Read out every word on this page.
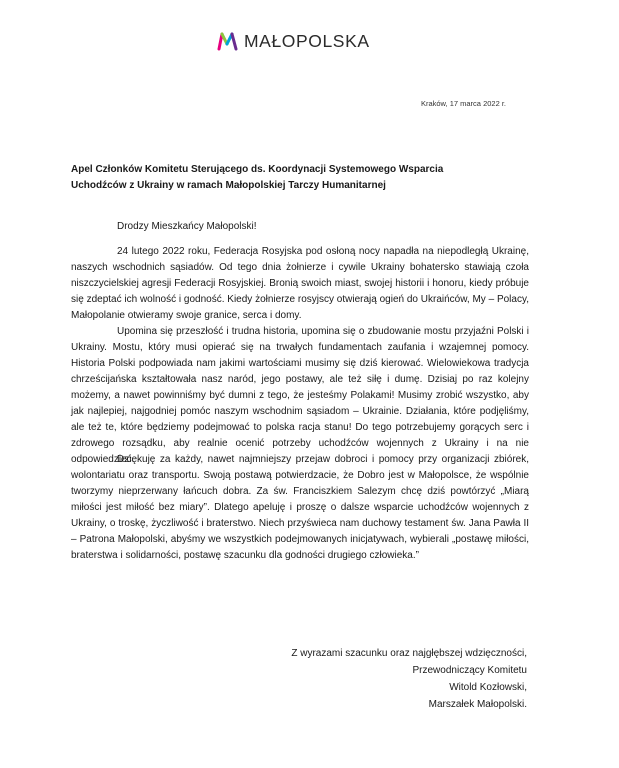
MAŁOPOLSKA
Kraków, 17 marca 2022 r.
Apel Członków Komitetu Sterującego ds. Koordynacji Systemowego Wsparcia
Uchodźców z Ukrainy w ramach Małopolskiej Tarczy Humanitarnej
Drodzy Mieszkańcy Małopolski!

24 lutego 2022 roku, Federacja Rosyjska pod osłoną nocy napadła na niepodległą Ukrainę, naszych wschodnich sąsiadów. Od tego dnia żołnierze i cywile Ukrainy bohatersko stawiają czoła niszczycielskiej agresji Federacji Rosyjskiej. Bronią swoich miast, swojej historii i honoru, kiedy próbuje się zdeptać ich wolność i godność. Kiedy żołnierze rosyjscy otwierają ogień do Ukraińców, My – Polacy, Małopolanie otwieramy swoje granice, serca i domy.

Upomina się przeszłość i trudna historia, upomina się o zbudowanie mostu przyjaźni Polski i Ukrainy. Mostu, który musi opierać się na trwałych fundamentach zaufania i wzajemnej pomocy. Historia Polski podpowiada nam jakimi wartościami musimy się dziś kierować. Wielowiekowa tradycja chrześcijańska kształtowała nasz naród, jego postawy, ale też siłę i dumę. Dzisiaj po raz kolejny możemy, a nawet powinniśmy być dumni z tego, że jesteśmy Polakami! Musimy zrobić wszystko, aby jak najlepiej, najgodniej pomóc naszym wschodnim sąsiadom – Ukrainie. Działania, które podjęliśmy, ale też te, które będziemy podejmować to polska racja stanu! Do tego potrzebujemy gorących serc i zdrowego rozsądku, aby realnie ocenić potrzeby uchodźców wojennych z Ukrainy i na nie odpowiedzieć.

Dziękuję za każdy, nawet najmniejszy przejaw dobroci i pomocy przy organizacji zbiórek, wolontariatu oraz transportu. Swoją postawą potwierdzacie, że Dobro jest w Małopolsce, że wspólnie tworzymy nieprzerwany łańcuch dobra. Za św. Franciszkiem Salezym chcę dziś powtórzyć „Miarą miłości jest miłość bez miary”. Dlatego apeluję i proszę o dalsze wsparcie uchodźców wojennych z Ukrainy, o troskę, życzliwość i braterstwo. Niech przyświeca nam duchowy testament św. Jana Pawła II – Patrona Małopolski, abyśmy we wszystkich podejmowanych inicjatywach, wybierali „postawę miłości, braterstwa i solidarności, postawę szacunku dla godności drugiego człowieka.”

Z wyrazami szacunku oraz najgłębszej wdzięczności,
Przewodniczący Komitetu
Witold Kozłowski,
Marszałek Małopolski.
